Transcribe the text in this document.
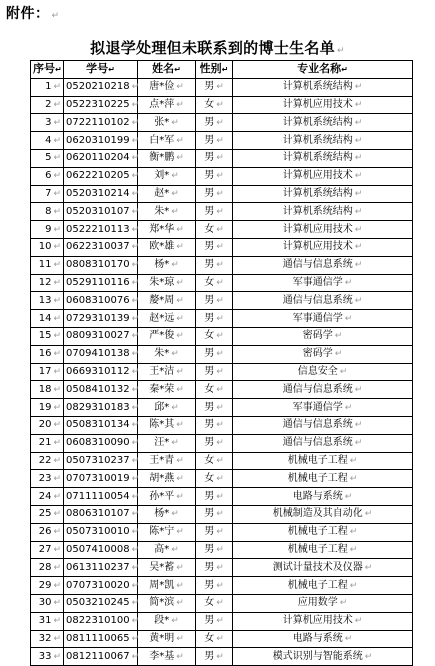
附件： ↵
拟退学处理但未联系到的博士生名单 ↵
序号↵	学号↵	姓名↵	性别↵	专业名称↵
1 ↵	0520210218 ↵	唐*俭 ↵	男 ↵	计算机系统结构 ↵
2 ↵	0522310225 ↵	点*萍 ↵	女 ↵	计算机应用技术 ↵
3 ↵	0722110102 ↵	张* ↵	男 ↵	计算机系统结构 ↵
4 ↵	0620310199 ↵	白*军 ↵	男 ↵	计算机系统结构 ↵
5 ↵	0620110204 ↵	衡*鹏 ↵	男 ↵	计算机系统结构 ↵
6 ↵	0622210205 ↵	刘* ↵	男 ↵	计算机应用技术 ↵
7 ↵	0520310214 ↵	赵* ↵	男 ↵	计算机系统结构 ↵
8 ↵	0520310107 ↵	朱* ↵	男 ↵	计算机系统结构 ↵
9 ↵	0522210113 ↵	郑*华 ↵	女 ↵	计算机应用技术 ↵
10 ↵	0622310037 ↵	欧*雄 ↵	男 ↵	计算机应用技术 ↵
11 ↵	0808310170 ↵	杨* ↵	男 ↵	通信与信息系统 ↵
12 ↵	0529110116 ↵	朱*琼 ↵	女 ↵	军事通信学 ↵
13 ↵	0608310076 ↵	嫠*周 ↵	男 ↵	通信与信息系统 ↵
14 ↵	0729310139 ↵	赵*远 ↵	男 ↵	军事通信学 ↵
15 ↵	0809310027 ↵	严*俊 ↵	女 ↵	密码学 ↵
16 ↵	0709410138 ↵	朱* ↵	男 ↵	密码学 ↵
17 ↵	0669310112 ↵	王*洁 ↵	男 ↵	信息安全 ↵
18 ↵	0508410132 ↵	秦*荣 ↵	女 ↵	通信与信息系统 ↵
19 ↵	0829310183 ↵	邱* ↵	男 ↵	军事通信学 ↵
20 ↵	0508310134 ↵	陈*其 ↵	男 ↵	通信与信息系统 ↵
21 ↵	0608310090 ↵	汪* ↵	男 ↵	通信与信息系统 ↵
22 ↵	0507310237 ↵	王*青 ↵	女 ↵	机械电子工程 ↵
23 ↵	0707310019 ↵	胡*燕 ↵	女 ↵	机械电子工程 ↵
24 ↵	0711110054 ↵	孙*平 ↵	男 ↵	电路与系统 ↵
25 ↵	0806310107 ↵	杨* ↵	男 ↵	机械制造及其自动化 ↵
26 ↵	0507310010 ↵	陈*宁 ↵	男 ↵	机械电子工程 ↵
27 ↵	0507410008 ↵	高* ↵	男 ↵	机械电子工程 ↵
28 ↵	0613110237 ↵	吴*蓄 ↵	男 ↵	测试计量技术及仪器 ↵
29 ↵	0707310020 ↵	周*凯 ↵	男 ↵	机械电子工程 ↵
30 ↵	0503210245 ↵	简*滨 ↵	女 ↵	应用数学 ↵
31 ↵	0822310100 ↵	段* ↵	男 ↵	计算机应用技术 ↵
32 ↵	0811110065 ↵	黄*明 ↵	女 ↵	电路与系统 ↵
33 ↵	0812110067 ↵	李*基 ↵	男 ↵	模式识别与智能系统 ↵
